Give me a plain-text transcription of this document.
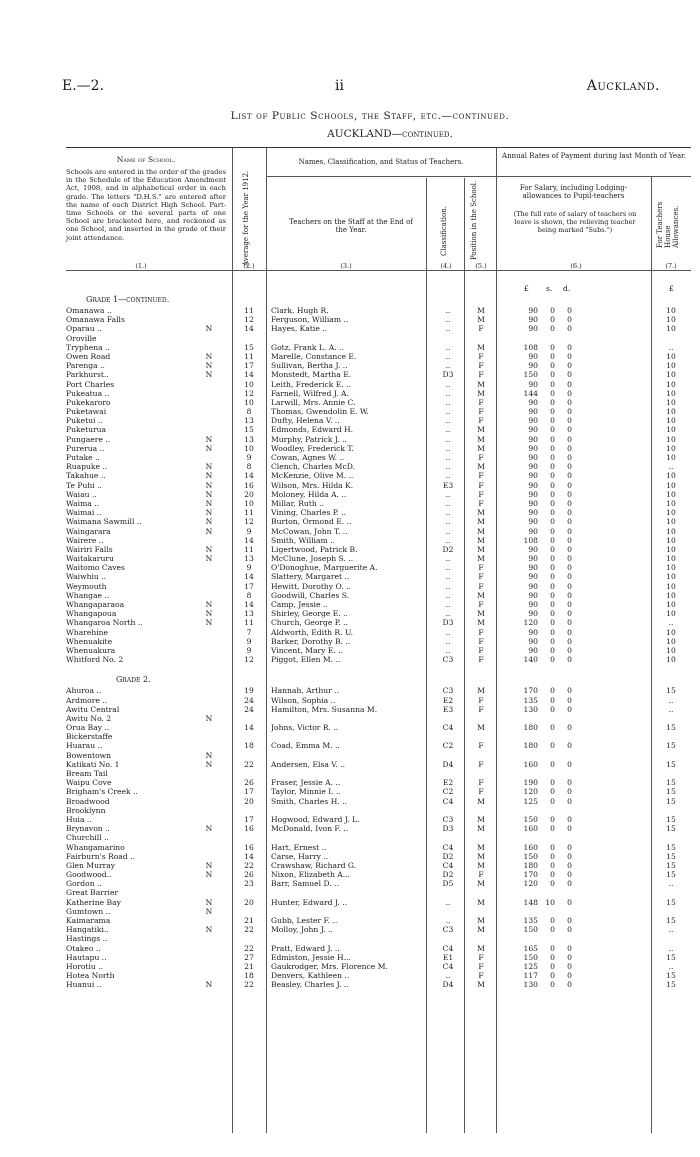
E.—2.	ii	Auckland.
List of Public Schools, the Staff, etc.—continued.
AUCKLAND—continued.
Name of School.
Schools are entered in the order of the grades in the Schedule of the Education Amendment Act, 1908, and in alphabetical order in each grade. The letters "D.H.S." are entered after the name of each District High School. Part-time Schools or the several parts of one School are bracketed here, and reckoned as one School, and inserted in the grade of their joint attendance.	Average for the Year 1912.
Names, Classification, and Status of Teachers.
Teachers on the Staff at the End of the Year.	Classification.	Position in the School.
Annual Rates of Payment during last Month of Year.
For Salary, including Lodging-allowances to Pupil-teachers
(The full rate of salary of teachers on leave is shown, the relieving teacher being marked "Subs.")	For Teachers House Allowances.
(1.)	(2.)	(3.)	(4.)	(5.)	(6.)	(7.)
£ s. d.	£
Grade 1—continued.
Omanawa ..	11	Clark, Hugh R.	..	M	90 0 0	10
Omanawa Falls	12	Ferguson, William ..	..	M	90 0 0	10
Oparau ..	N	14	Hayes, Katie ..	..	F	90 0 0	10
Oroville
Tryphena ..	15	Gotz, Frank L. A. ..	..	M	108 0 0	..
Owen Road	N	11	Marelle, Constance E.	..	F	90 0 0	10
Parenga ..	N	17	Sullivan, Bertha J. ..	..	F	90 0 0	10
Parkhurst..	N	14	Monstedt, Martha E.	D3	F	150 0 0	10
Port Charles	10	Leith, Frederick E. ..	..	M	90 0 0	10
Pukeatua ..	12	Farnell, Wilfred J. A.	..	M	144 0 0	10
Pukekaroro	10	Larwill, Mrs. Annie C.	..	F	90 0 0	10
Puketawai	8	Thomas, Gwendolin E. W.	..	F	90 0 0	10
Puketui ..	13	Dufty, Helena V. ..	..	F	90 0 0	10
Puketurua	15	Edmonds, Edward H.	..	M	90 0 0	10
Pungaere ..	N	13	Murphy, Patrick J. ..	..	M	90 0 0	10
Purerua ..	N	10	Woodley, Frederick T.	..	M	90 0 0	10
Putake ..	9	Cowan, Agnes W. ..	..	F	90 0 0	10
Ruapuke ..	N	8	Clench, Charles McD.	..	M	90 0 0	..
Takahue ..	N	14	McKenzie, Olive M. ..	..	F	90 0 0	10
Te Puhi ..	N	16	Wilson, Mrs. Hilda K.	E3	F	90 0 0	10
Waiau ..	N	20	Moloney, Hilda A. ..	..	F	90 0 0	10
Waima ..	N	10	Millar, Ruth ..	..	F	90 0 0	10
Waimai ..	N	11	Vining, Charles P. ..	..	M	90 0 0	10
Waimana Sawmill ..	N	12	Burton, Ormond E. ..	..	M	90 0 0	10
Waingarara	N	9	McCowan, John T. ..	..	M	90 0 0	10
Wairere ..	14	Smith, William ..	..	M	108 0 0	10
Wairiri Falls	N	11	Ligertwood, Patrick B.	D2	M	90 0 0	10
Waitakaruru	N	13	McClune, Joseph S. ..	..	M	90 0 0	10
Waitomo Caves	9	O'Donoghue, Marguerite A.	..	F	90 0 0	10
Waiwhiu ..	14	Slattery, Margaret ..	..	F	90 0 0	10
Weymouth	17	Hewitt, Dorothy O. ..	..	F	90 0 0	10
Whangae ..	8	Goodwill, Charles S.	..	M	90 0 0	10
Whangaparaoa	N	14	Camp, Jessie ..	..	F	90 0 0	10
Whangapoua	N	13	Shirley, George E. ..	..	M	90 0 0	10
Whangaroa North ..	N	11	Church, George P. ..	D3	M	120 0 0	..
Wharehine	7	Aldworth, Edith R. U.	..	F	90 0 0	10
Whenuakite	9	Barker, Dorothy B. ..	..	F	90 0 0	10
Whenuakura	9	Vincent, Mary E. ..	..	F	90 0 0	10
Whitford No. 2	12	Piggot, Ellen M. ..	C3	F	140 0 0	10
Grade 2.
Ahuroa ..	19	Hannah, Arthur ..	C3	M	170 0 0	15
Ardmore ..	24	Wilson, Sophia ..	E2	F	135 0 0	..
Awitu Central	24	Hamilton, Mrs. Susanna M.	E3	F	130 0 0	..
Awitu No. 2	N
Orua Bay ..	14	Johns, Victor R. ..	C4	M	180 0 0	15
Bickerstaffe
Huarau ..	18	Coad, Emma M. ..	C2	F	180 0 0	15
Bowentown	N
Katikati No. 1	N	22	Andersen, Elsa V. ..	D4	F	160 0 0	15
Bream Tail
Waipu Cove	26	Fraser, Jessie A. ..	E2	F	190 0 0	15
Brigham's Creek ..	17	Taylor, Minnie I. ..	C2	F	120 0 0	15
Broadwood	20	Smith, Charles H. ..	C4	M	125 0 0	15
Brooklynn
Huia ..	17	Hogwood, Edward J. L.	C3	M	150 0 0	15
Brynavon ..	N	16	McDonald, Ivon F. ..	D3	M	160 0 0	15
Churchill ..
Whangamarino	16	Hart, Ernest ..	C4	M	160 0 0	15
Fairburn's Road ..	14	Carse, Harry ..	D2	M	150 0 0	15
Glen Murray	N	22	Crawshaw, Richard G.	C4	M	180 0 0	15
Goodwood..	N	26	Nixon, Elizabeth A...	D2	F	170 0 0	15
Gordon ..	23	Barr, Samuel D. ..	D5	M	120 0 0	..
Great Barrier
Katherine Bay	N	20	Hunter, Edward J. ..	..	M	148 10 0	15
Gumtown ..	N
Kaimarama	21	Gubb, Lester F. ..	..	M	135 0 0	15
Hangatiki..	N	22	Molloy, John J. ..	C3	M	150 0 0	..
Hastings ..
Otakeo ..	22	Pratt, Edward J. ..	C4	M	165 0 0	..
Hautapu ..	27	Edmiston, Jessie H...	E1	F	150 0 0	15
Horotiu ..	21	Gaukrodger, Mrs. Florence M.	C4	F	125 0 0	..
Hotea North	18	Denvers, Kathleen ..	..	F	117 0 0	15
Huanui ..	N	22	Beasley, Charles J. ..	D4	M	130 0 0	15
